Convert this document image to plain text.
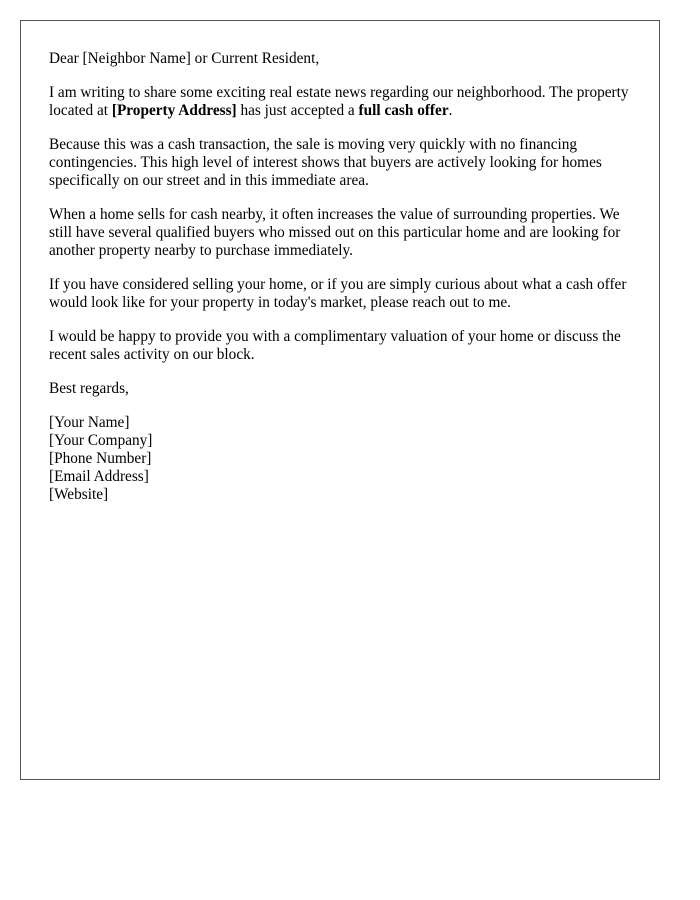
Dear [Neighbor Name] or Current Resident,

I am writing to share some exciting real estate news regarding our neighborhood. The property located at [Property Address] has just accepted a full cash offer.

Because this was a cash transaction, the sale is moving very quickly with no financing contingencies. This high level of interest shows that buyers are actively looking for homes specifically on our street and in this immediate area.

When a home sells for cash nearby, it often increases the value of surrounding properties. We still have several qualified buyers who missed out on this particular home and are looking for another property nearby to purchase immediately.

If you have considered selling your home, or if you are simply curious about what a cash offer would look like for your property in today's market, please reach out to me.

I would be happy to provide you with a complimentary valuation of your home or discuss the recent sales activity on our block.

Best regards,

[Your Name]
[Your Company]
[Phone Number]
[Email Address]
[Website]
